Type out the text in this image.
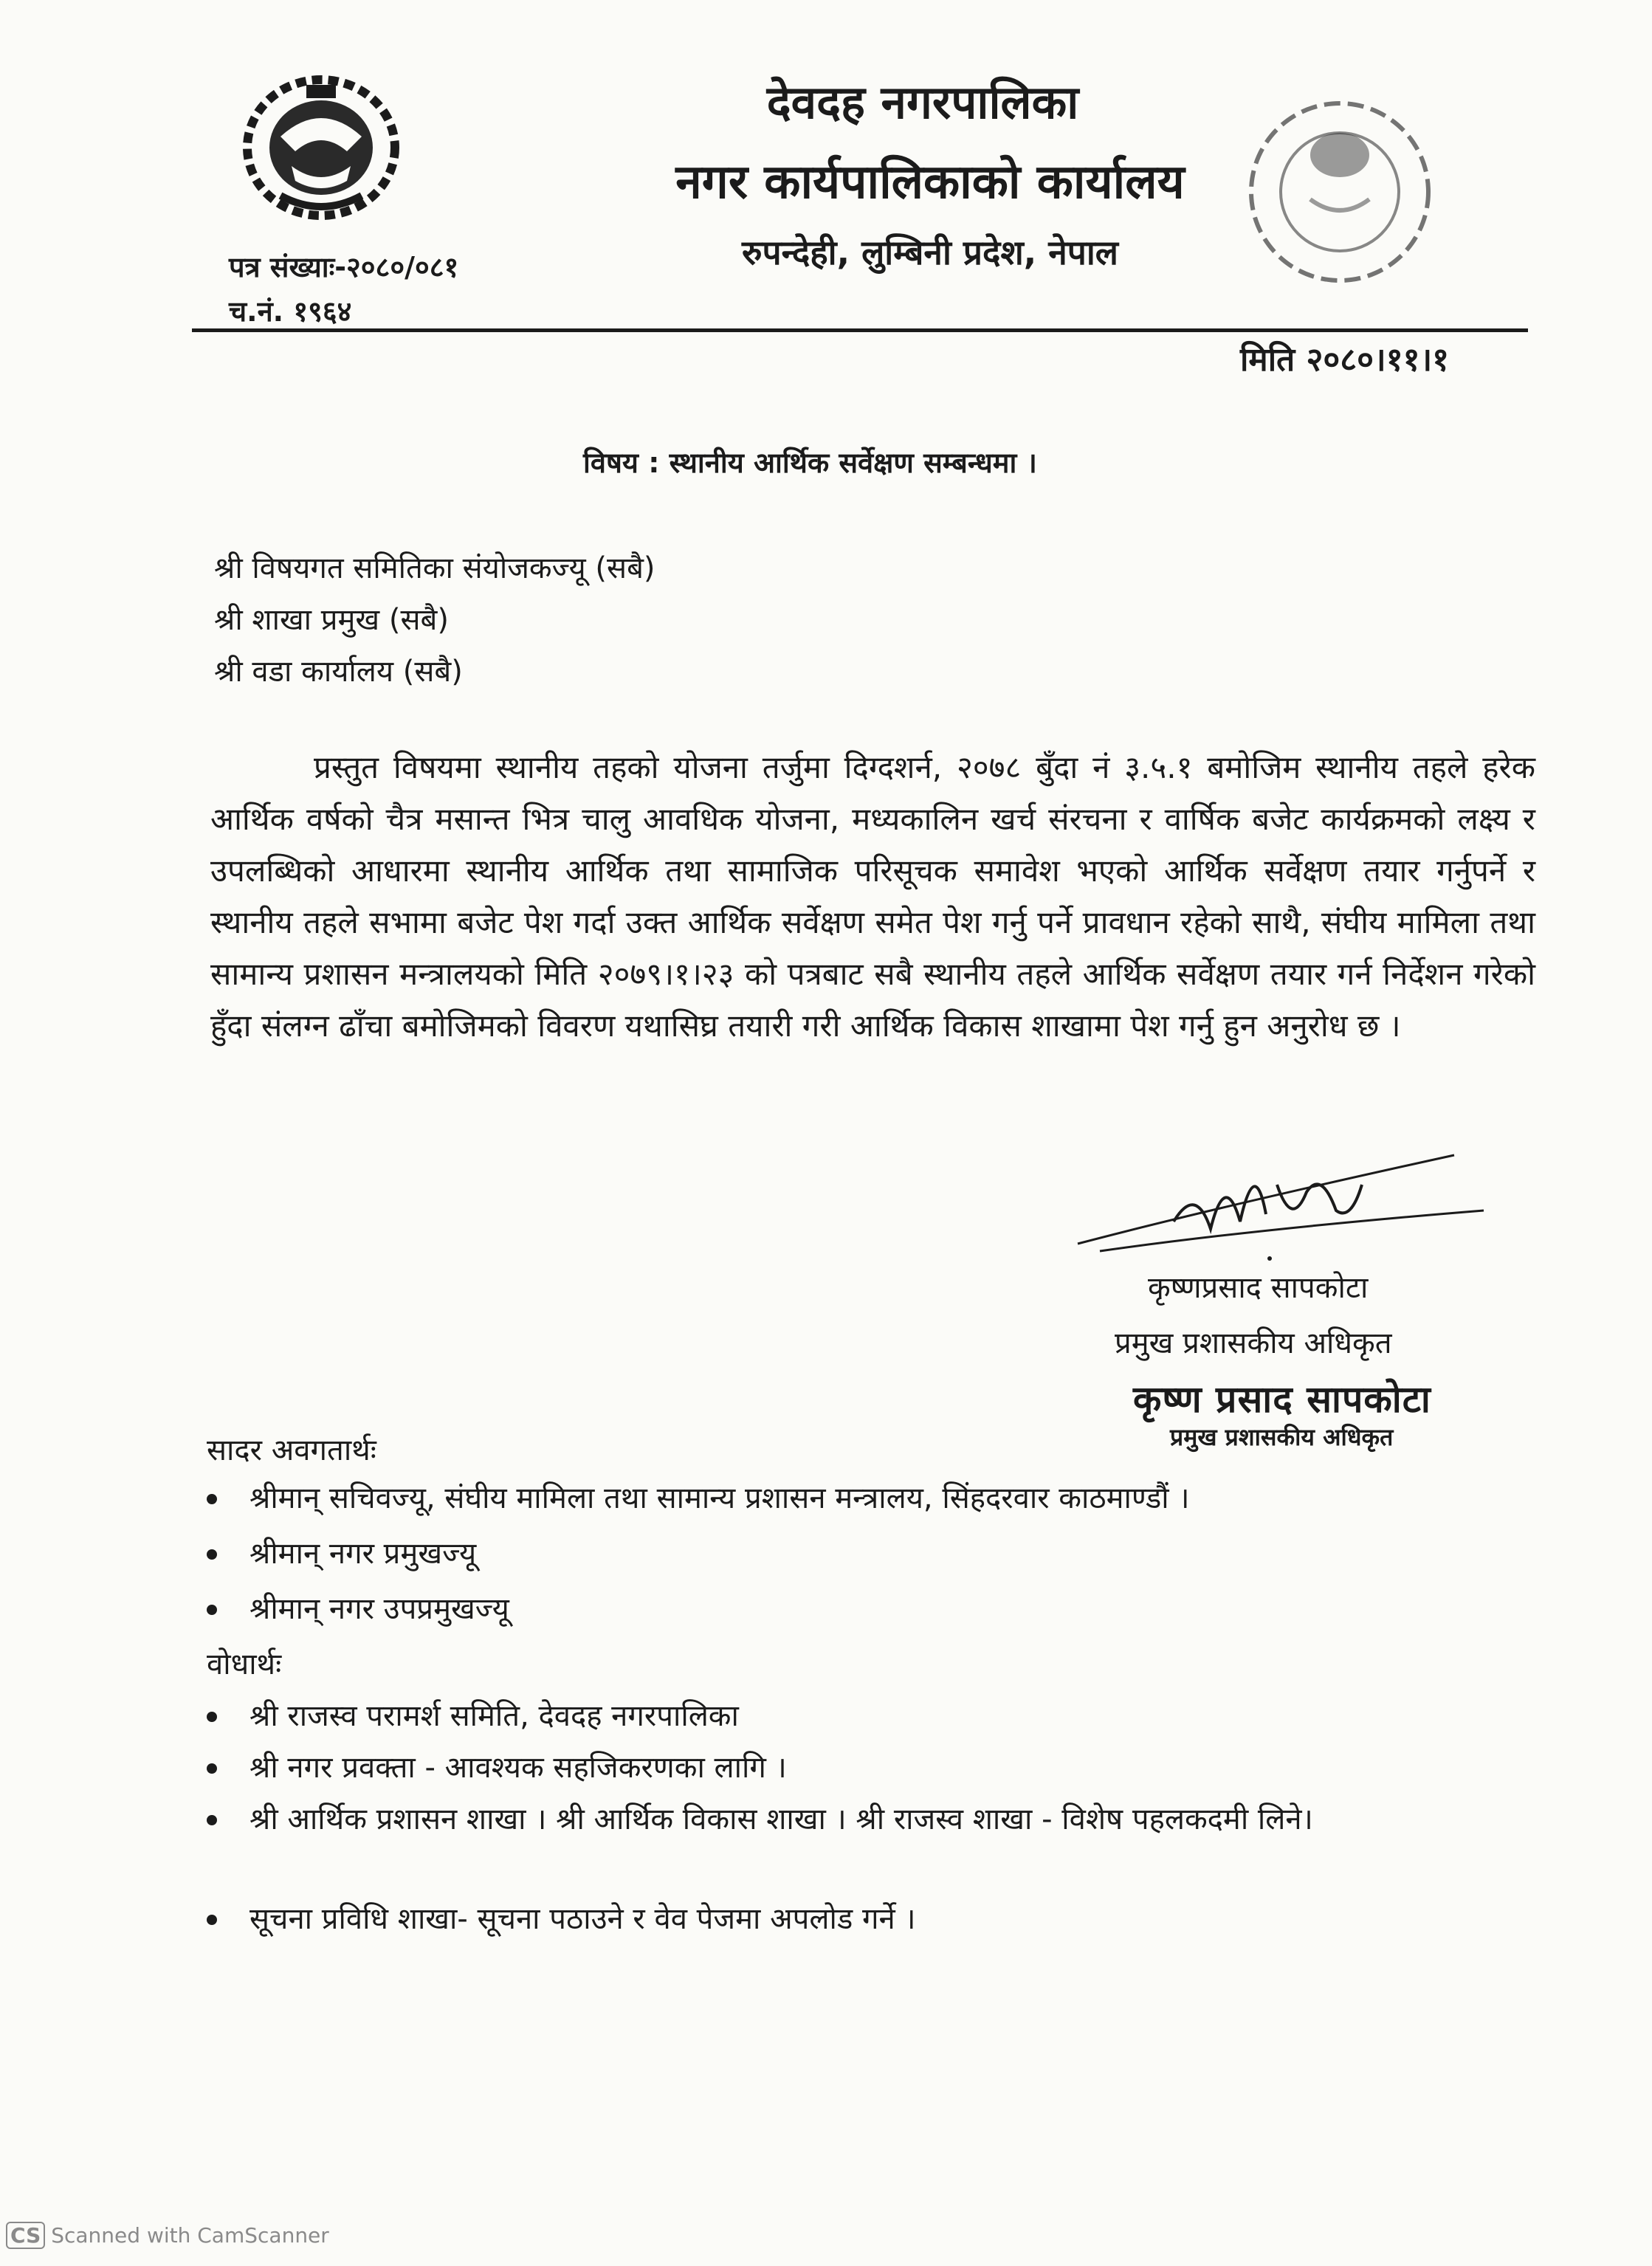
देवदह नगरपालिका
नगर कार्यपालिकाको कार्यालय
रुपन्देही, लुम्बिनी प्रदेश, नेपाल
पत्र संख्याः-२०८०/०८१
च.नं. १९६४
मिति २०८०।११।१
विषय : स्थानीय आर्थिक सर्वेक्षण सम्बन्धमा ।
श्री विषयगत समितिका संयोजकज्यू (सबै)
श्री शाखा प्रमुख (सबै)
श्री वडा कार्यालय (सबै)
प्रस्तुत विषयमा स्थानीय तहको योजना तर्जुमा दिग्दशर्न, २०७८ बुँदा नं ३.५.१ बमोजिम स्थानीय तहले हरेक आर्थिक वर्षको चैत्र मसान्त भित्र चालु आवधिक योजना, मध्यकालिन खर्च संरचना र वार्षिक बजेट कार्यक्रमको लक्ष्य र उपलब्धिको आधारमा स्थानीय आर्थिक तथा सामाजिक परिसूचक समावेश भएको आर्थिक सर्वेक्षण तयार गर्नुपर्ने र स्थानीय तहले सभामा बजेट पेश गर्दा उक्त आर्थिक सर्वेक्षण समेत पेश गर्नु पर्ने प्रावधान रहेको साथै, संघीय मामिला तथा सामान्य प्रशासन मन्त्रालयको मिति २०७९।१।२३ को पत्रबाट सबै स्थानीय तहले आर्थिक सर्वेक्षण तयार गर्न निर्देशन गरेको हुँदा संलग्न ढाँचा बमोजिमको विवरण यथासिघ्र तयारी गरी आर्थिक विकास शाखामा पेश गर्नु हुन अनुरोध छ ।
कृष्णप्रसाद सापकोटा
प्रमुख प्रशासकीय अधिकृत
कृष्ण प्रसाद सापकोटा
प्रमुख प्रशासकीय अधिकृत
सादर अवगतार्थः
श्रीमान् सचिवज्यू, संघीय मामिला तथा सामान्य प्रशासन मन्त्रालय, सिंहदरवार काठमाण्डौं ।
श्रीमान् नगर प्रमुखज्यू
श्रीमान् नगर उपप्रमुखज्यू
वोधार्थः
श्री राजस्व परामर्श समिति, देवदह नगरपालिका
श्री नगर प्रवक्ता - आवश्यक सहजिकरणका लागि ।
श्री आर्थिक प्रशासन शाखा । श्री आर्थिक विकास शाखा । श्री राजस्व शाखा - विशेष पहलकदमी लिने।
सूचना प्रविधि शाखा- सूचना पठाउने र वेव पेजमा अपलोड गर्ने ।
CS Scanned with CamScanner
